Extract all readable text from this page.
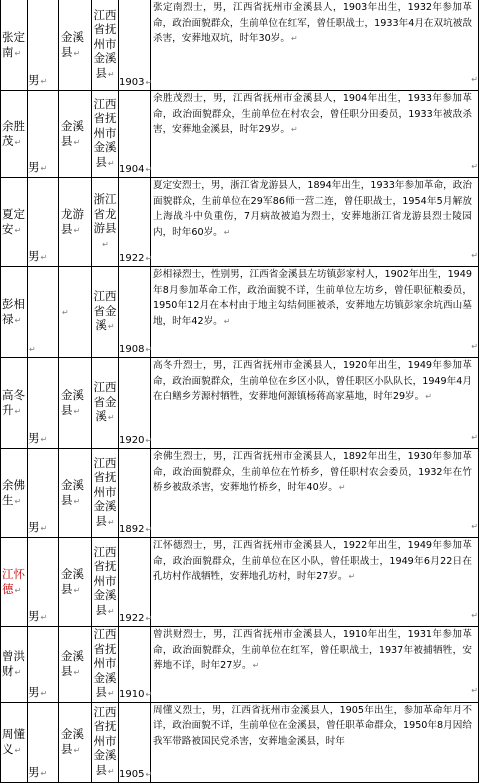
张定南↵	男↵	金溪县↵	江西省抚州市金溪县↵	1903↵	张定南烈士，男，江西省抚州市金溪县人，1903年出生，1932年参加革命，政治面貌群众，生前单位在红军，曾任职战士，1933年4月在双坑被敌杀害，安葬地双坑，时年30岁。↵
↵

余胜茂↵	男↵	金溪县↵	江西省抚州市金溪县↵	1904↵	余胜茂烈士，男，江西省抚州市金溪县人，1904年出生，1933年参加革命，政治面貌群众，生前单位在村农会，曾任职分田委员，1933年被敌杀害，安葬地金溪县，时年29岁。↵
↵

夏定安↵	男↵	龙游县↵	浙江省龙游县↵	1922↵	夏定安烈士，男，浙江省龙游县人，1894年出生，1933年参加革命，政治面貌群众，生前单位在29军86师一营二连，曾任职战士，1954年5月解放上海战斗中负重伤，7月病故被追为烈士，安葬地浙江省龙游县烈士陵园内，时年60岁。↵
↵

彭相禄↵	↵	↵	江西省金溪↵	1908↵	彭相禄烈士，性别男，江西省金溪县左坊镇彭家村人，1902年出生，1949年8月参加革命工作，政治面貌不详，生前单位左坊乡，曾任职征粮委员，1950年12月在本村由于地主勾结伺匪被杀，安葬地左坊镇彭家余坑西山墓地，时年42岁。↵
↵

高冬升↵	男↵	金溪县↵	江西省金溪↵	1920↵	高冬升烈士，男，江西省抚州市金溪县人，1920年出生，1949年参加革命，政治面貌群众，生前单位在乡区小队，曾任职区小队队长，1949年4月在白鳝乡芳源村牺牲，安葬地何源镇杨蒋高家墓地，时年29岁。↵
↵

余佛生↵	男↵	金溪县↵	江西省抚州市金溪县↵	1892↵	余佛生烈士，男，江西省抚州市金溪县人，1892年出生，1930年参加革命，政治面貌群众，生前单位在竹桥乡，曾任职村农会委员，1932年在竹桥乡被敌杀害，安葬地竹桥乡，时年40岁。↵
↵

江怀德↵	男↵	金溪县↵	江西省抚州市金溪县↵	1922↵	江怀德烈士，男，江西省抚州市金溪县人，1922年出生，1949年参加革命，政治面貌群众，生前单位在区小队，曾任职战士，1949年6月22日在孔坊村作战牺牲，安葬地孔坊村，时年27岁。↵
↵

曾洪财↵	男↵	金溪县↵	江西省抚州市金溪县↵	1910↵	曾洪财烈士，男，江西省抚州市金溪县人，1910年出生，1931年参加革命，政治面貌群众，生前单位在红军，曾任职战士，1937年被捕牺牲，安葬地不详，时年27岁。↵
↵

周懂义↵	男↵	金溪县↵	江西省抚州市金溪县↵	1905↵	周懂义烈士，男，江西省抚州市金溪县人，1905年出生，参加革命年月不详，政治面貌不详，生前单位在金溪县，曾任职革命群众，1950年8月因给我军带路被国民党杀害，安葬地金溪县，时年
